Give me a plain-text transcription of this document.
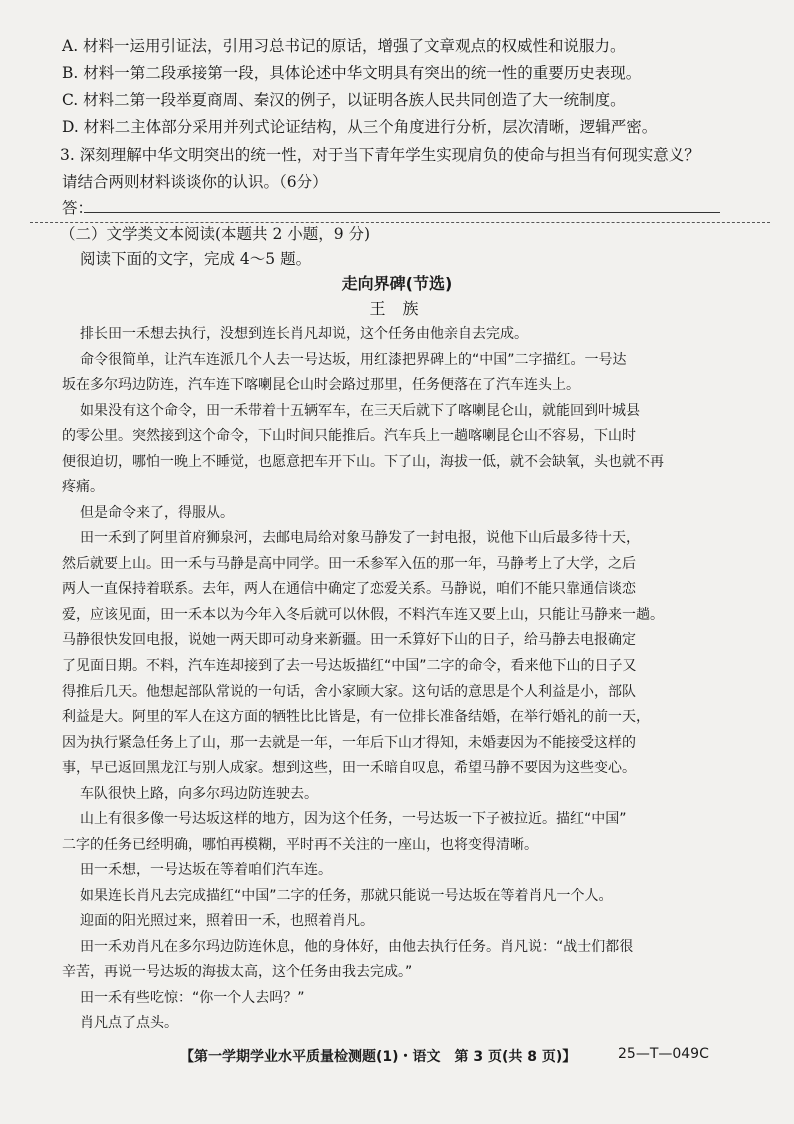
A. 材料一运用引证法，引用习总书记的原话，增强了文章观点的权威性和说服力。
B. 材料一第二段承接第一段，具体论述中华文明具有突出的统一性的重要历史表现。
C. 材料二第一段举夏商周、秦汉的例子，以证明各族人民共同创造了大一统制度。
D. 材料二主体部分采用并列式论证结构，从三个角度进行分析，层次清晰，逻辑严密。
3. 深刻理解中华文明突出的统一性，对于当下青年学生实现肩负的使命与担当有何现实意义？
请结合两则材料谈谈你的认识。（6分）
答：
（二）文学类文本阅读(本题共 2 小题，9 分)
阅读下面的文字，完成 4～5 题。
走向界碑(节选)
王 族
排长田一禾想去执行，没想到连长肖凡却说，这个任务由他亲自去完成。
命令很简单，让汽车连派几个人去一号达坂，用红漆把界碑上的“中国”二字描红。一号达
坂在多尔玛边防连，汽车连下喀喇昆仑山时会路过那里，任务便落在了汽车连头上。
如果没有这个命令，田一禾带着十五辆军车，在三天后就下了喀喇昆仑山，就能回到叶城县
的零公里。突然接到这个命令，下山时间只能推后。汽车兵上一趟喀喇昆仑山不容易，下山时
便很迫切，哪怕一晚上不睡觉，也愿意把车开下山。下了山，海拔一低，就不会缺氧，头也就不再
疼痛。
但是命令来了，得服从。
田一禾到了阿里首府狮泉河，去邮电局给对象马静发了一封电报，说他下山后最多待十天，
然后就要上山。田一禾与马静是高中同学。田一禾参军入伍的那一年，马静考上了大学，之后
两人一直保持着联系。去年，两人在通信中确定了恋爱关系。马静说，咱们不能只靠通信谈恋
爱，应该见面，田一禾本以为今年入冬后就可以休假，不料汽车连又要上山，只能让马静来一趟。
马静很快发回电报，说她一两天即可动身来新疆。田一禾算好下山的日子，给马静去电报确定
了见面日期。不料，汽车连却接到了去一号达坂描红“中国”二字的命令，看来他下山的日子又
得推后几天。他想起部队常说的一句话，舍小家顾大家。这句话的意思是个人利益是小，部队
利益是大。阿里的军人在这方面的牺牲比比皆是，有一位排长准备结婚，在举行婚礼的前一天，
因为执行紧急任务上了山，那一去就是一年，一年后下山才得知，未婚妻因为不能接受这样的
事，早已返回黑龙江与别人成家。想到这些，田一禾暗自叹息，希望马静不要因为这些变心。
车队很快上路，向多尔玛边防连驶去。
山上有很多像一号达坂这样的地方，因为这个任务，一号达坂一下子被拉近。描红“中国”
二字的任务已经明确，哪怕再模糊，平时再不关注的一座山，也将变得清晰。
田一禾想，一号达坂在等着咱们汽车连。
如果连长肖凡去完成描红“中国”二字的任务，那就只能说一号达坂在等着肖凡一个人。
迎面的阳光照过来，照着田一禾，也照着肖凡。
田一禾劝肖凡在多尔玛边防连休息，他的身体好，由他去执行任务。肖凡说：“战士们都很
辛苦，再说一号达坂的海拔太高，这个任务由我去完成。”
【第一学期学业水平质量检测题(1)・语文　第 3 页(共 8 页)】	25—T—049C
田一禾有些吃惊：“你一个人去吗？”
肖凡点了点头。
